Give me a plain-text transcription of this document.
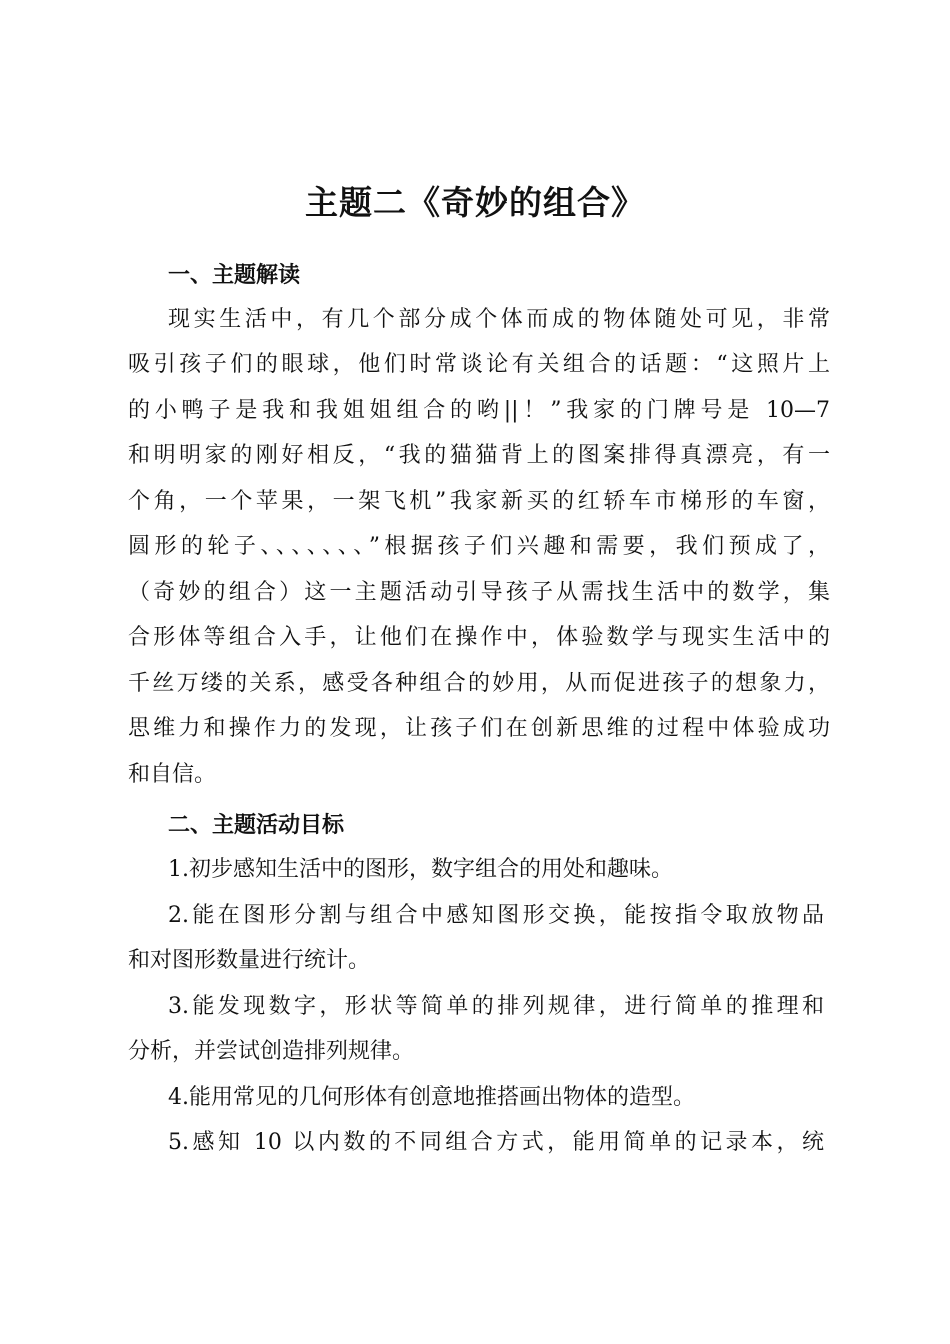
主题二《奇妙的组合》
一、主题解读

现实生活中，有几个部分成个体而成的物体随处可见，非常

吸引孩子们的眼球，他们时常谈论有关组合的话题：“这照片上

的小鸭子是我和我姐姐组合的哟||！”我家的门牌号是 10—7

和明明家的刚好相反，“我的猫猫背上的图案排得真漂亮，有一

个角，一个苹果，一架飞机”我家新买的红轿车市梯形的车窗，

圆形的轮子、、、、、、、”根据孩子们兴趣和需要，我们预成了，

（奇妙的组合）这一主题活动引导孩子从需找生活中的数学，集

合形体等组合入手，让他们在操作中，体验数学与现实生活中的

千丝万缕的关系，感受各种组合的妙用，从而促进孩子的想象力，

思维力和操作力的发现，让孩子们在创新思维的过程中体验成功

和自信。

二、主题活动目标

1.初步感知生活中的图形，数字组合的用处和趣味。

2.能在图形分割与组合中感知图形交换，能按指令取放物品

和对图形数量进行统计。

3.能发现数字，形状等简单的排列规律，进行简单的推理和

分析，并尝试创造排列规律。

4.能用常见的几何形体有创意地推搭画出物体的造型。

5.感知 10 以内数的不同组合方式，能用简单的记录本，统
